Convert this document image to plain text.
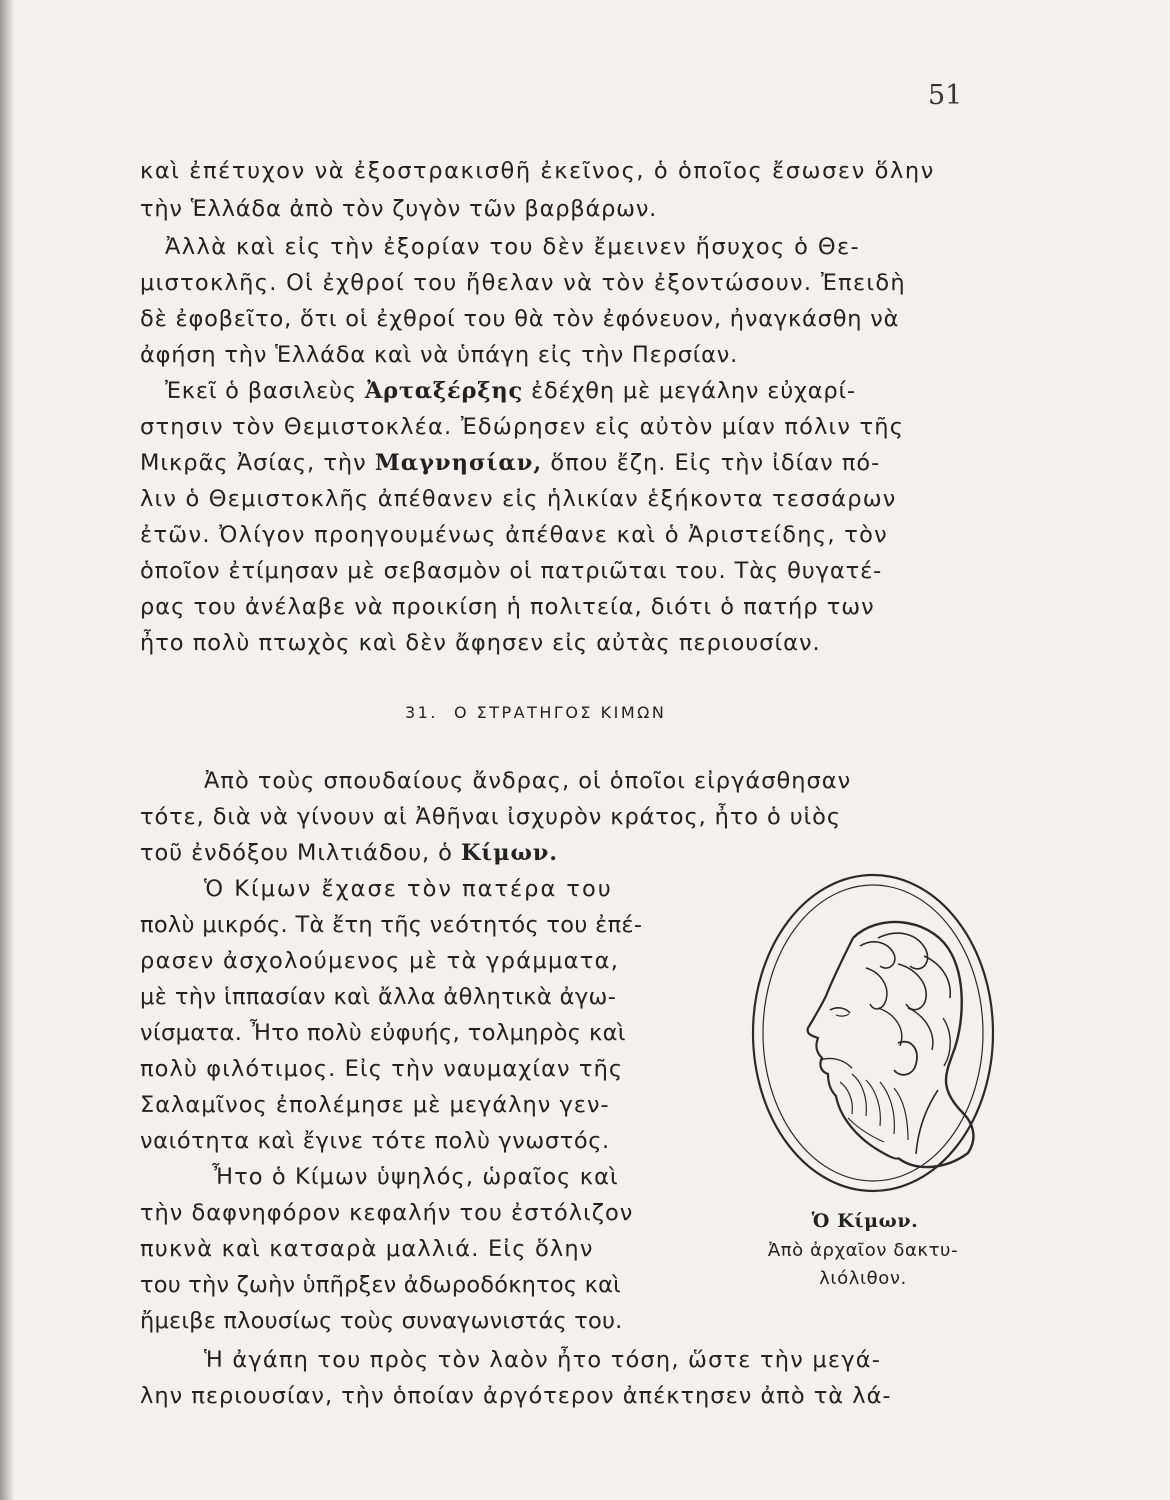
51
καὶ ἐπέτυχον νὰ ἐξοστρακισθῆ ἐκεῖνος, ὁ ὁποῖος ἔσωσεν ὅλην
τὴν Ἑλλάδα ἀπὸ τὸν ζυγὸν τῶν βαρβάρων.
Ἀλλὰ καὶ εἰς τὴν ἐξορίαν του δὲν ἔμεινεν ἥσυχος ὁ Θε-
μιστοκλῆς. Οἱ ἐχθροί του ἤθελαν νὰ τὸν ἐξοντώσουν. Ἐπειδὴ
δὲ ἐφοβεῖτο, ὅτι οἱ ἐχθροί του θὰ τὸν ἐφόνευον, ἠναγκάσθη νὰ
ἀφήση τὴν Ἑλλάδα καὶ νὰ ὑπάγη εἰς τὴν Περσίαν.
Ἐκεῖ ὁ βασιλεὺς Ἀρταξέρξης ἐδέχθη μὲ μεγάλην εὐχαρί-
στησιν τὸν Θεμιστοκλέα. Ἐδώρησεν εἰς αὐτὸν μίαν πόλιν τῆς
Μικρᾶς Ἀσίας, τὴν Μαγνησίαν, ὅπου ἔζη. Εἰς τὴν ἰδίαν πό-
λιν ὁ Θεμιστοκλῆς ἀπέθανεν εἰς ἡλικίαν ἑξήκοντα τεσσάρων
ἐτῶν. Ὀλίγον προηγουμένως ἀπέθανε καὶ ὁ Ἀριστείδης, τὸν
ὁποῖον ἐτίμησαν μὲ σεβασμὸν οἱ πατριῶται του. Τὰς θυγατέ-
ρας του ἀνέλαβε νὰ προικίση ἡ πολιτεία, διότι ὁ πατήρ των
ἦτο πολὺ πτωχὸς καὶ δὲν ἄφησεν εἰς αὐτὰς περιουσίαν.
31. Ο ΣΤΡΑΤΗΓΟΣ ΚΙΜΩΝ
Ἀπὸ τοὺς σπουδαίους ἄνδρας, οἱ ὁποῖοι εἰργάσθησαν
τότε, διὰ νὰ γίνουν αἱ Ἀθῆναι ἰσχυρὸν κράτος, ἦτο ὁ υἱὸς
τοῦ ἐνδόξου Μιλτιάδου, ὁ Κίμων.
Ὁ Κίμων ἔχασε τὸν πατέρα του
πολὺ μικρός. Τὰ ἔτη τῆς νεότητός του ἐπέ-
ρασεν ἀσχολούμενος μὲ τὰ γράμματα,
μὲ τὴν ἱππασίαν καὶ ἄλλα ἀθλητικὰ ἀγω-
νίσματα. Ἦτο πολὺ εὐφυής, τολμηρὸς καὶ
πολὺ φιλότιμος. Εἰς τὴν ναυμαχίαν τῆς
Σαλαμῖνος ἐπολέμησε μὲ μεγάλην γεν-
ναιότητα καὶ ἔγινε τότε πολὺ γνωστός.
Ἦτο ὁ Κίμων ὑψηλός, ὡραῖος καὶ
τὴν δαφνηφόρον κεφαλήν του ἐστόλιζον
πυκνὰ καὶ κατσαρὰ μαλλιά. Εἰς ὅλην
του τὴν ζωὴν ὑπῆρξεν ἀδωροδόκητος καὶ
ἤμειβε πλουσίως τοὺς συναγωνιστάς του.
Ἡ ἀγάπη του πρὸς τὸν λαὸν ἦτο τόση, ὥστε τὴν μεγά-
λην περιουσίαν, τὴν ὁποίαν ἀργότερον ἀπέκτησεν ἀπὸ τὰ λά-
Ὁ Κίμων.
Ἀπὸ ἀρχαῖον δακτυ-
λιόλιθον.
